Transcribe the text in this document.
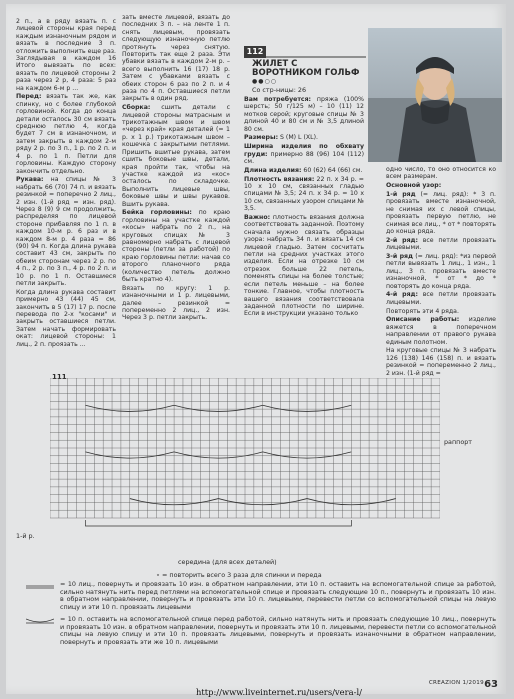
2 п., а в ряду вязать п. с лицевой стороны края перед каждым изнаночным рядом и вязать в последние 3 п. отложить выполнить еще раз. Заглядывая в каждом 16 Итого вывязать по всех: вязать по лицевой стороны 2 раза через 2 р, 4 раза: 5 раз на каждом 6-м р ...

Перед: вязать так же, как спинку, но с более глубокой горловиной. Когда до конца детали осталось 30 см вязать среднюю петлю 4, когда будет 7 см в изнаночном, и затем закрыть в каждом 2-м ряду 2 р. по 3 п., 1 р. по 2 п. и 4 р. по 1 п. Петли для горловины. Каждую сторону закончить отдельно.

Рукава: на спицы № 3 набрать 66 (70) 74 п. и вязать резинкой = поперечно 2 лиц., 2 изн. (1-й ряд = изн. ряд). Через 8 (9) 9 см продолжить, распределяя по лицевой стороне прибавляя по 1 п. в каждом 10-м р. 6 раз и в каждом 8-м р. 4 раза = 86 (90) 94 п. Когда длина рукава составит 43 см, закрыть по обеим сторонам через 2 р. по 4 п., 2 р. по 3 п., 4 р. по 2 п. и 10 р. по 1 п. Оставшиеся петли закрыть.

Когда длина рукава составит примерно 43 (44) 45 см, закончить в 5 (17) 17 р. после перевода по 2-х "косами" и закрыть оставшиеся петли. Затем начать формировать окат: лицевой стороны: 1 лиц., 2 п. проязать ...

зать вместе лицевой, вязать до последних 3 п. – на ленте 1 п. снять лицевым, провязать следующую изнаночную петлю протянуть через снятую. Повторить так еще 2 раза. Эти убавки вязать в каждом 2-м р. – всего выполнить 16 (17) 18 р. Затем с убавками вязать с обеих сторон 6 раз по 2 п. и 4 раза по 4 п. Оставшиеся петли закрыть в один ряд.

Сборка: сшить детали с лицевой стороны матрасным и трикотажным швом и швом «через край» края деталей (= 1 р. х 1 р.) трикотажным швом – кошечка с закрытыми петлями. Пришить вшитые рукава, затем сшить боковые швы, детали, края пройти так, чтобы на участке каждой из «кос» осталось по складочке. Выполнить лицевые швы, боковые швы и швы рукавов. Вшить рукава.

Бейка горловины: по краю горловины на участке каждой «косы» набрать по 2 п., на круговых спицах № 3 равномерно набрать с лицевой стороны (петли за работой) по краю горловины петли: начав со второго планочного ряда (количество петель должно быть кратно 4).

Вязать по кругу: 1 р. изнаночными и 1 р. лицевыми, далее – резинкой = попеременно 2 лиц., 2 изн. Через 3 р. петли закрыть.

112
ЖИЛЕТ С ВОРОТНИКОМ ГОЛЬФ
●●○○
Со стр-ницы: 26

Вам потребуется: пряжа (100% шерсть; 50 г/125 м) – 10 (11) 12 мотков серой; круговые спицы № 3 длиной 40 и 80 см и № 3,5 длиной 80 см.

Размеры: S (M) L (XL).

Ширина изделия по обхвату груди: примерно 88 (96) 104 (112) см.

Длина изделия: 60 (62) 64 (66) см.

Плотность вязания: 22 п. x 34 р. = 10 x 10 см, связанных гладью спицами № 3,5; 24 п. x 34 р. = 10 x 10 см, связанных узором спицами № 3,5.

Важно: плотность вязания должна соответствовать заданной. Поэтому сначала нужно связать образцы узора: набрать 34 п. и вязать 14 см лицевой гладью. Затем сосчитать петли на средних участках этого изделия. Если на отрезке 10 см отрезок больше 22 петель, поменять спицы на более толстые; если петель меньше – на более тонкие. Главное, чтобы плотность вашего вязания соответствовала заданной плотности по ширине. Если в инструкции указано только

одно число, то оно относится ко всем размерам.

Основной узор:

1-й ряд (= лиц. ряд): * 3 п. провязать вместе изнаночной, не снимая их с левой спицы, провязать первую петлю, не снимая все лиц., * от * повторять до конца ряда.

2-й ряд: все петли провязать лицевыми.

3-й ряд (= лиц. ряд): *из первой петли вывязать 1 лиц., 1 изн., 1 лиц., 3 п. провязать вместе изнаночной, * от * до * повторять до конца ряда.

4-й ряд: все петли провязать лицевыми.

Повторять эти 4 ряда.

Описание работы: изделие вяжется в поперечном направлении от правого рукава единым полотном.

На круговые спицы № 3 набрать 126 (138) 146 (158) п. и вязать резинкой = попеременно 2 лиц., 2 изн. (1-й ряд =

111
раппорт
1-й р.
середина (для всех деталей)
⋆ = повторить всего 3 раза для спинки и переда
= 10 лиц., повернуть и провязать 10 изн. в обратном направлении, эти 10 п. оставить на вспомогательной спице за работой, сильно натянуть нить перед петлями на вспомогательной спице и провязать следующие 10 п., повернуть и провязать 10 изн. в обратном направлении, повернуть и провязать эти 10 п. лицевыми, перевести петли со вспомогательной спицы на левую спицу и эти 10 п. провязать лицевыми
= 10 п. оставить на вспомогательной спице перед работой, сильно натянуть нить и провязать следующие 10 лиц., повернуть и провязать 10 изн. в обратном направлении, повернуть и провязать эти 10 п. лицевыми, перевести петли со вспомогательной спицы на левую спицу и эти 10 п. провязать лицевыми, повернуть и провязать изнаночными в обратном направлении, повернуть и провязать эти же 10 п. лицевыми
CREAZION 1/2019 63
http://www.liveinternet.ru/users/vera-l/
